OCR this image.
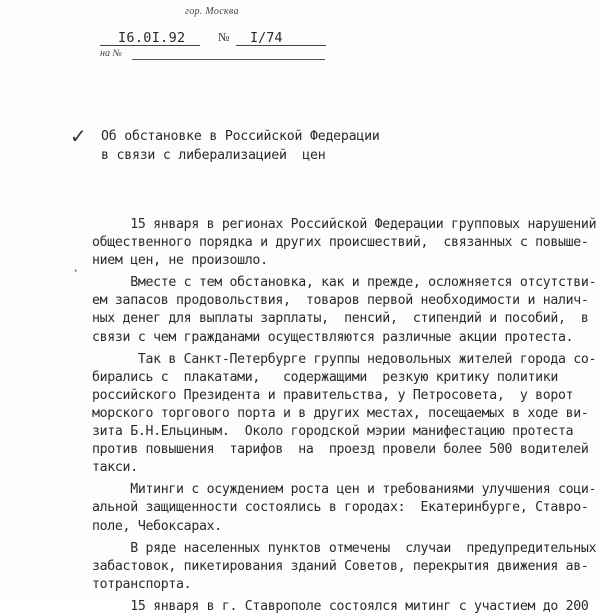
гор. Москва
I6.0I.92	№ I/74
на №
✓ Об обстановке в Российской Федерации
в связи с либерализацией  цен
·
15 января в регионах Российской Федерации групповых нарушений
общественного порядка и других происшествий,  связанных с повыше-
нием цен, не произошло.
Вместе с тем обстановка, как и прежде, осложняется отсутстви-
ем запасов продовольствия,  товаров первой необходимости и налич-
ных денег для выплаты зарплаты,  пенсий,  стипендий и пособий,  в
связи с чем гражданами осуществляются различные акции протеста.
Так в Санкт-Петербурге группы недовольных жителей города со-
бирались с  плакатами,   содержащими  резкую критику политики
российского Президента и правительства, у Петросовета,  у ворот
морского торгового порта и в других местах, посещаемых в ходе ви-
зита Б.Н.Ельциным.  Около городской мэрии манифестацию протеста
против повышения  тарифов  на  проезд провели более 500 водителей
такси.
Митинги с осуждением роста цен и требованиями улучшения соци-
альной защищенности состоялись в городах:  Екатеринбурге, Ставро-
поле, Чебоксарах.
В ряде населенных пунктов отмечены  случаи  предупредительных
забастовок, пикетирования зданий Советов, перекрытия движения ав-
тотранспорта.
15 января в г. Ставрополе состоялся митинг с участием до 200
